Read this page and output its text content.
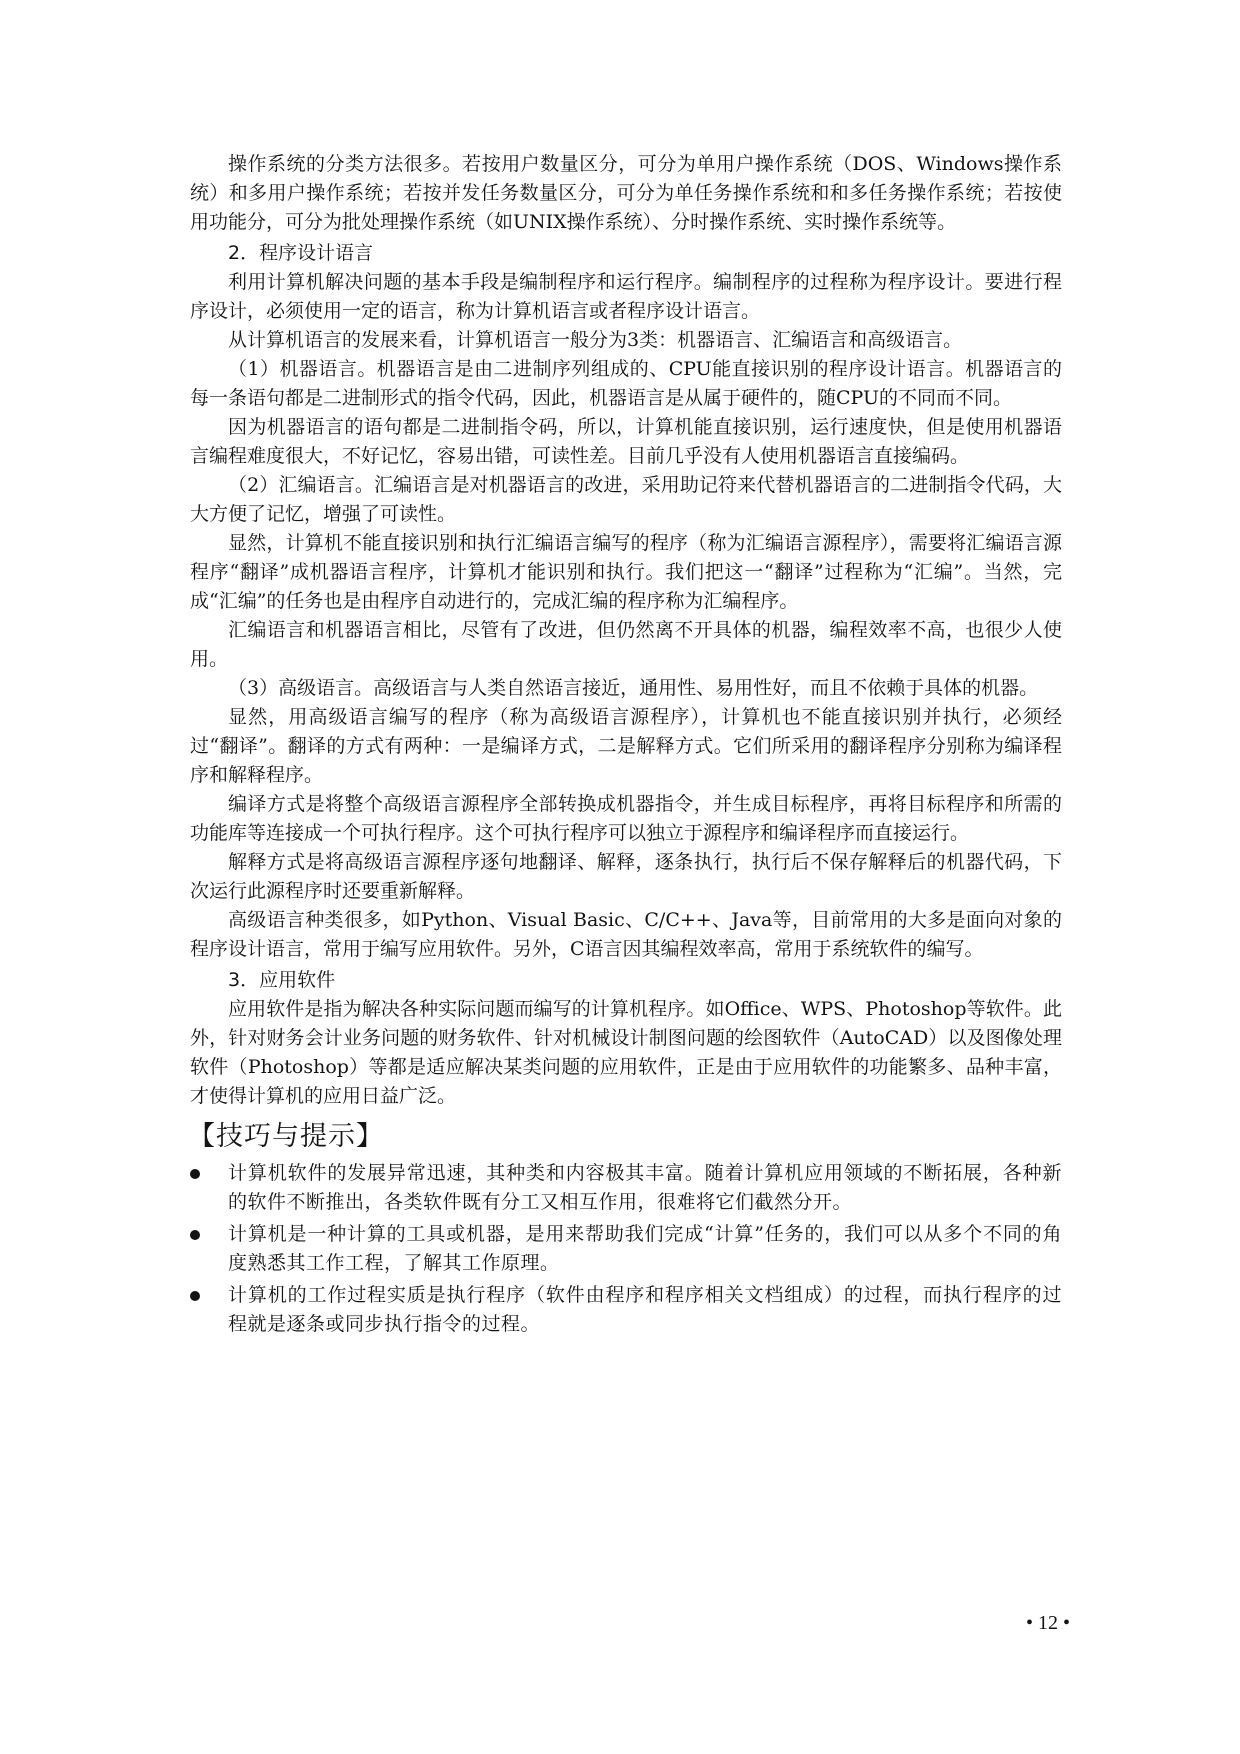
操作系统的分类方法很多。若按用户数量区分，可分为单用户操作系统（DOS、Windows操作系统）和多用户操作系统；若按并发任务数量区分，可分为单任务操作系统和和多任务操作系统；若按使用功能分，可分为批处理操作系统（如UNIX操作系统）、分时操作系统、实时操作系统等。

2．程序设计语言

利用计算机解决问题的基本手段是编制程序和运行程序。编制程序的过程称为程序设计。要进行程序设计，必须使用一定的语言，称为计算机语言或者程序设计语言。

从计算机语言的发展来看，计算机语言一般分为3类：机器语言、汇编语言和高级语言。

（1）机器语言。机器语言是由二进制序列组成的、CPU能直接识别的程序设计语言。机器语言的每一条语句都是二进制形式的指令代码，因此，机器语言是从属于硬件的，随CPU的不同而不同。

因为机器语言的语句都是二进制指令码，所以，计算机能直接识别，运行速度快，但是使用机器语言编程难度很大，不好记忆，容易出错，可读性差。目前几乎没有人使用机器语言直接编码。

（2）汇编语言。汇编语言是对机器语言的改进，采用助记符来代替机器语言的二进制指令代码，大大方便了记忆，增强了可读性。

显然，计算机不能直接识别和执行汇编语言编写的程序（称为汇编语言源程序），需要将汇编语言源程序“翻译”成机器语言程序，计算机才能识别和执行。我们把这一“翻译”过程称为“汇编”。当然，完成“汇编”的任务也是由程序自动进行的，完成汇编的程序称为汇编程序。

汇编语言和机器语言相比，尽管有了改进，但仍然离不开具体的机器，编程效率不高，也很少人使用。

（3）高级语言。高级语言与人类自然语言接近，通用性、易用性好，而且不依赖于具体的机器。

显然，用高级语言编写的程序（称为高级语言源程序），计算机也不能直接识别并执行，必须经过“翻译”。翻译的方式有两种：一是编译方式，二是解释方式。它们所采用的翻译程序分别称为编译程序和解释程序。

编译方式是将整个高级语言源程序全部转换成机器指令，并生成目标程序，再将目标程序和所需的功能库等连接成一个可执行程序。这个可执行程序可以独立于源程序和编译程序而直接运行。

解释方式是将高级语言源程序逐句地翻译、解释，逐条执行，执行后不保存解释后的机器代码，下次运行此源程序时还要重新解释。

高级语言种类很多，如Python、Visual Basic、C/C++、Java等，目前常用的大多是面向对象的程序设计语言，常用于编写应用软件。另外，C语言因其编程效率高，常用于系统软件的编写。

3．应用软件

应用软件是指为解决各种实际问题而编写的计算机程序。如Office、WPS、Photoshop等软件。此外，针对财务会计业务问题的财务软件、针对机械设计制图问题的绘图软件（AutoCAD）以及图像处理软件（Photoshop）等都是适应解决某类问题的应用软件，正是由于应用软件的功能繁多、品种丰富，才使得计算机的应用日益广泛。

【技巧与提示】
计算机软件的发展异常迅速，其种类和内容极其丰富。随着计算机应用领域的不断拓展，各种新的软件不断推出，各类软件既有分工又相互作用，很难将它们截然分开。
计算机是一种计算的工具或机器，是用来帮助我们完成“计算”任务的，我们可以从多个不同的角度熟悉其工作工程，了解其工作原理。
计算机的工作过程实质是执行程序（软件由程序和程序相关文档组成）的过程，而执行程序的过程就是逐条或同步执行指令的过程。
• 12 •
